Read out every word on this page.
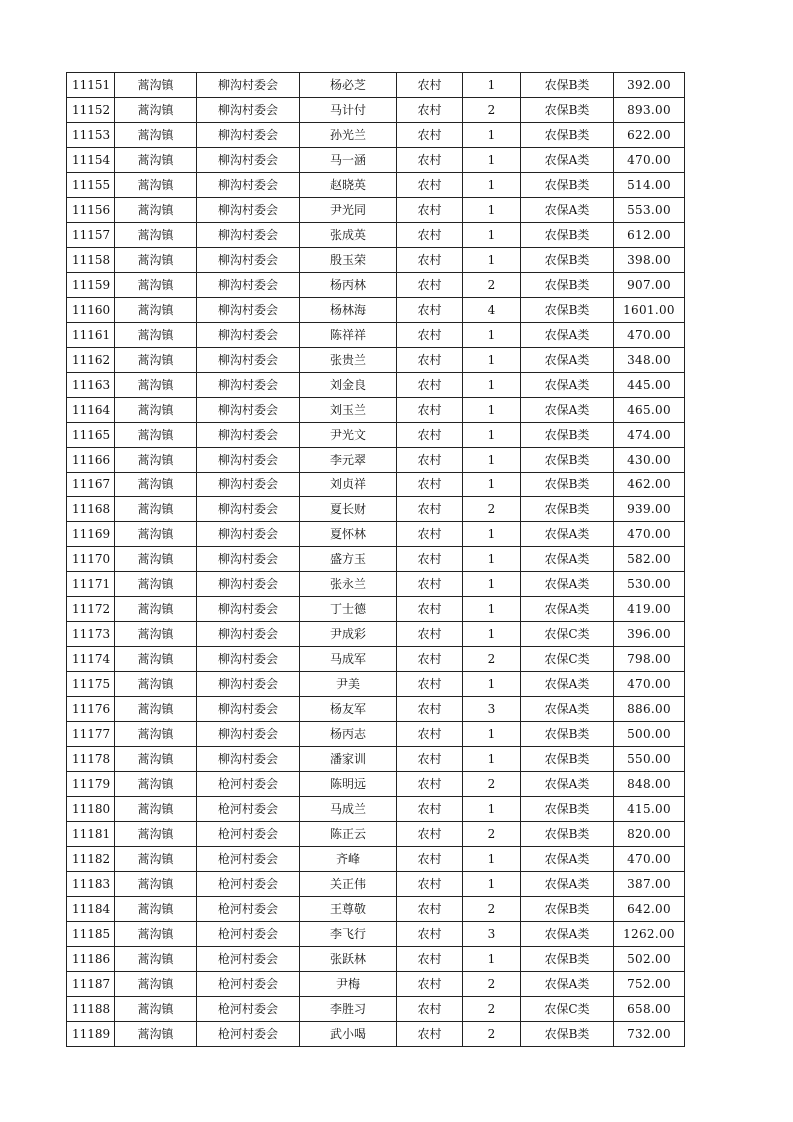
11151	蒿沟镇	柳沟村委会	杨必芝	农村	1	农保B类	392.00
11152	蒿沟镇	柳沟村委会	马计付	农村	2	农保B类	893.00
11153	蒿沟镇	柳沟村委会	孙光兰	农村	1	农保B类	622.00
11154	蒿沟镇	柳沟村委会	马一涵	农村	1	农保A类	470.00
11155	蒿沟镇	柳沟村委会	赵晓英	农村	1	农保B类	514.00
11156	蒿沟镇	柳沟村委会	尹光同	农村	1	农保A类	553.00
11157	蒿沟镇	柳沟村委会	张成英	农村	1	农保B类	612.00
11158	蒿沟镇	柳沟村委会	殷玉荣	农村	1	农保B类	398.00
11159	蒿沟镇	柳沟村委会	杨丙林	农村	2	农保B类	907.00
11160	蒿沟镇	柳沟村委会	杨林海	农村	4	农保B类	1601.00
11161	蒿沟镇	柳沟村委会	陈祥祥	农村	1	农保A类	470.00
11162	蒿沟镇	柳沟村委会	张贵兰	农村	1	农保A类	348.00
11163	蒿沟镇	柳沟村委会	刘金良	农村	1	农保A类	445.00
11164	蒿沟镇	柳沟村委会	刘玉兰	农村	1	农保A类	465.00
11165	蒿沟镇	柳沟村委会	尹光文	农村	1	农保B类	474.00
11166	蒿沟镇	柳沟村委会	李元翠	农村	1	农保B类	430.00
11167	蒿沟镇	柳沟村委会	刘贞祥	农村	1	农保B类	462.00
11168	蒿沟镇	柳沟村委会	夏长财	农村	2	农保B类	939.00
11169	蒿沟镇	柳沟村委会	夏怀林	农村	1	农保A类	470.00
11170	蒿沟镇	柳沟村委会	盛方玉	农村	1	农保A类	582.00
11171	蒿沟镇	柳沟村委会	张永兰	农村	1	农保A类	530.00
11172	蒿沟镇	柳沟村委会	丁士德	农村	1	农保A类	419.00
11173	蒿沟镇	柳沟村委会	尹成彩	农村	1	农保C类	396.00
11174	蒿沟镇	柳沟村委会	马成军	农村	2	农保C类	798.00
11175	蒿沟镇	柳沟村委会	尹美	农村	1	农保A类	470.00
11176	蒿沟镇	柳沟村委会	杨友军	农村	3	农保A类	886.00
11177	蒿沟镇	柳沟村委会	杨丙志	农村	1	农保B类	500.00
11178	蒿沟镇	柳沟村委会	潘家训	农村	1	农保B类	550.00
11179	蒿沟镇	枪河村委会	陈明远	农村	2	农保A类	848.00
11180	蒿沟镇	枪河村委会	马成兰	农村	1	农保B类	415.00
11181	蒿沟镇	枪河村委会	陈正云	农村	2	农保B类	820.00
11182	蒿沟镇	枪河村委会	齐峰	农村	1	农保A类	470.00
11183	蒿沟镇	枪河村委会	关正伟	农村	1	农保A类	387.00
11184	蒿沟镇	枪河村委会	王尊敬	农村	2	农保B类	642.00
11185	蒿沟镇	枪河村委会	李飞行	农村	3	农保A类	1262.00
11186	蒿沟镇	枪河村委会	张跃林	农村	1	农保B类	502.00
11187	蒿沟镇	枪河村委会	尹梅	农村	2	农保A类	752.00
11188	蒿沟镇	枪河村委会	李胜习	农村	2	农保C类	658.00
11189	蒿沟镇	枪河村委会	武小喝	农村	2	农保B类	732.00
